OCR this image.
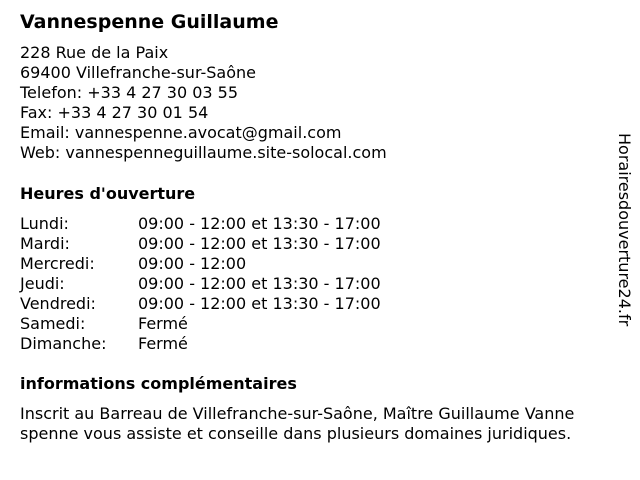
Vannespenne Guillaume
228 Rue de la Paix
69400 Villefranche-sur-Saône
Telefon: +33 4 27 30 03 55
Fax: +33 4 27 30 01 54
Email: vannespenne.avocat@gmail.com
Web: vannespenneguillaume.site-solocal.com
Heures d'ouverture
Lundi:	09:00 - 12:00 et 13:30 - 17:00
Mardi:	09:00 - 12:00 et 13:30 - 17:00
Mercredi:	09:00 - 12:00
Jeudi:	09:00 - 12:00 et 13:30 - 17:00
Vendredi:	09:00 - 12:00 et 13:30 - 17:00
Samedi:	Fermé
Dimanche: Fermé
informations complémentaires
Inscrit au Barreau de Villefranche-sur-Saône, Maître Guillaume Vanne
spenne vous assiste et conseille dans plusieurs domaines juridiques.
Horairesdouverture24.fr
